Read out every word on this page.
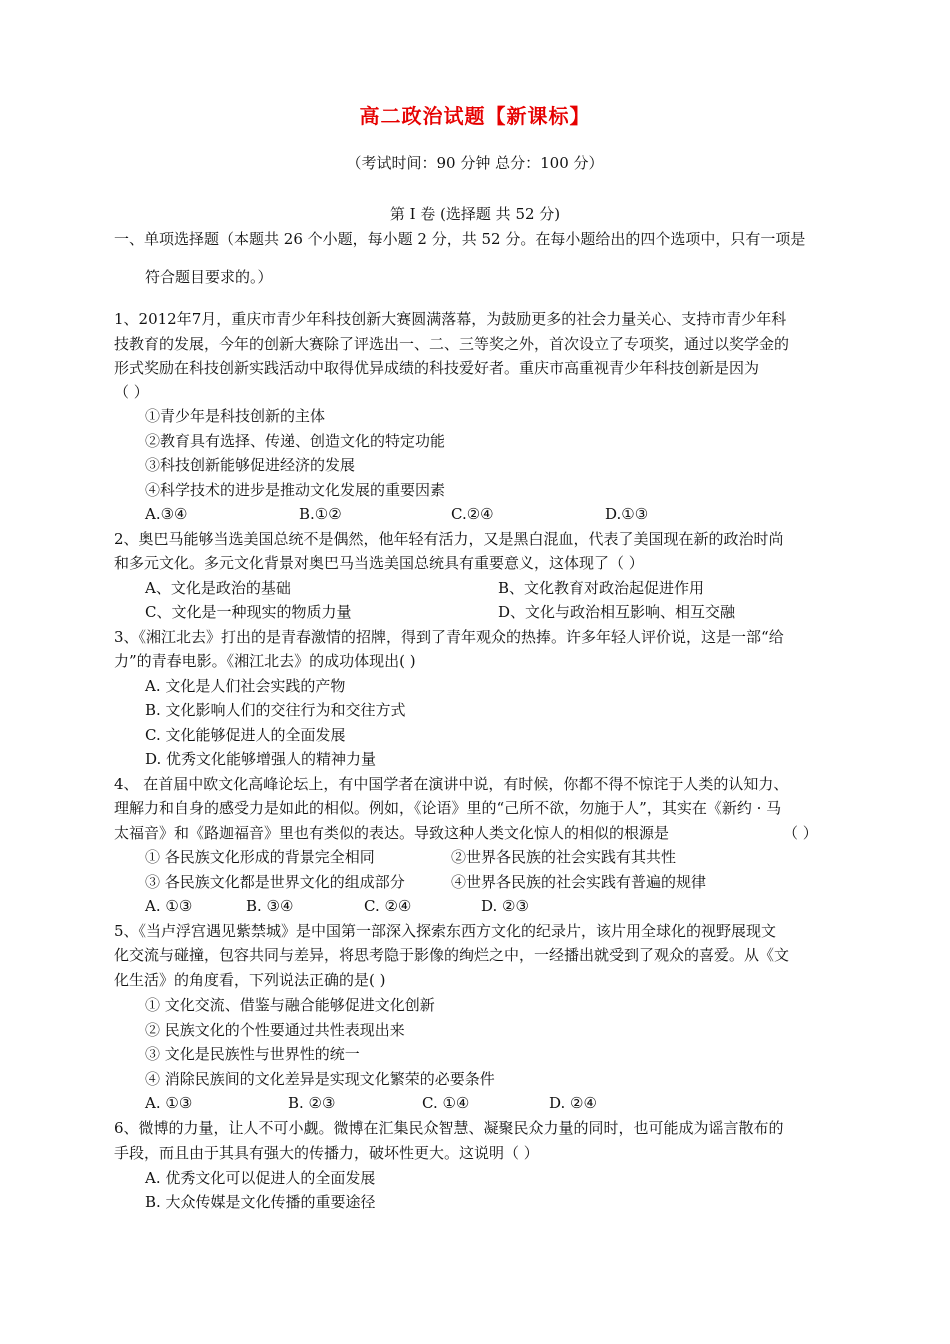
高二政治试题【新课标】
（考试时间：90 分钟 总分：100 分）
第 I 卷 (选择题 共 52 分)
一、单项选择题（本题共 26 个小题，每小题 2 分，共 52 分。在每小题给出的四个选项中，只有一项是
符合题目要求的。）
1、2012年7月，重庆市青少年科技创新大赛圆满落幕，为鼓励更多的社会力量关心、支持市青少年科
技教育的发展，今年的创新大赛除了评选出一、二、三等奖之外，首次设立了专项奖，通过以奖学金的
形式奖励在科技创新实践活动中取得优异成绩的科技爱好者。重庆市高重视青少年科技创新是因为
（ ）
①青少年是科技创新的主体
②教育具有选择、传递、创造文化的特定功能
③科技创新能够促进经济的发展
④科学技术的进步是推动文化发展的重要因素
A.③④	B.①②	C.②④	D.①③
2、奥巴马能够当选美国总统不是偶然，他年轻有活力，又是黑白混血，代表了美国现在新的政治时尚
和多元文化。多元文化背景对奥巴马当选美国总统具有重要意义，这体现了（ ）
A、文化是政治的基础	B、文化教育对政治起促进作用
C、文化是一种现实的物质力量	D、文化与政治相互影响、相互交融
3、《湘江北去》打出的是青春激情的招牌，得到了青年观众的热捧。许多年轻人评价说，这是一部“给
力”的青春电影。《湘江北去》的成功体现出( )
A. 文化是人们社会实践的产物
B. 文化影响人们的交往行为和交往方式
C. 文化能够促进人的全面发展
D. 优秀文化能够增强人的精神力量
4、 在首届中欧文化高峰论坛上，有中国学者在演讲中说，有时候，你都不得不惊诧于人类的认知力、
理解力和自身的感受力是如此的相似。例如，《论语》里的“己所不欲，勿施于人”，其实在《新约 · 马
太福音》和《路迦福音》里也有类似的表达。导致这种人类文化惊人的相似的根源是	（ ）
① 各民族文化形成的背景完全相同	②世界各民族的社会实践有其共性
③ 各民族文化都是世界文化的组成部分	④世界各民族的社会实践有普遍的规律
A. ①③	B. ③④	C. ②④	D. ②③
5、《当卢浮宫遇见紫禁城》是中国第一部深入探索东西方文化的纪录片，该片用全球化的视野展现文
化交流与碰撞，包容共同与差异，将思考隐于影像的绚烂之中，一经播出就受到了观众的喜爱。从《文
化生活》的角度看，下列说法正确的是( )
① 文化交流、借鉴与融合能够促进文化创新
② 民族文化的个性要通过共性表现出来
③ 文化是民族性与世界性的统一
④ 消除民族间的文化差异是实现文化繁荣的必要条件
A. ①③	B. ②③	C. ①④	D. ②④
6、微博的力量，让人不可小觑。微博在汇集民众智慧、凝聚民众力量的同时，也可能成为谣言散布的
手段，而且由于其具有强大的传播力，破坏性更大。这说明（ ）
A. 优秀文化可以促进人的全面发展
B. 大众传媒是文化传播的重要途径
